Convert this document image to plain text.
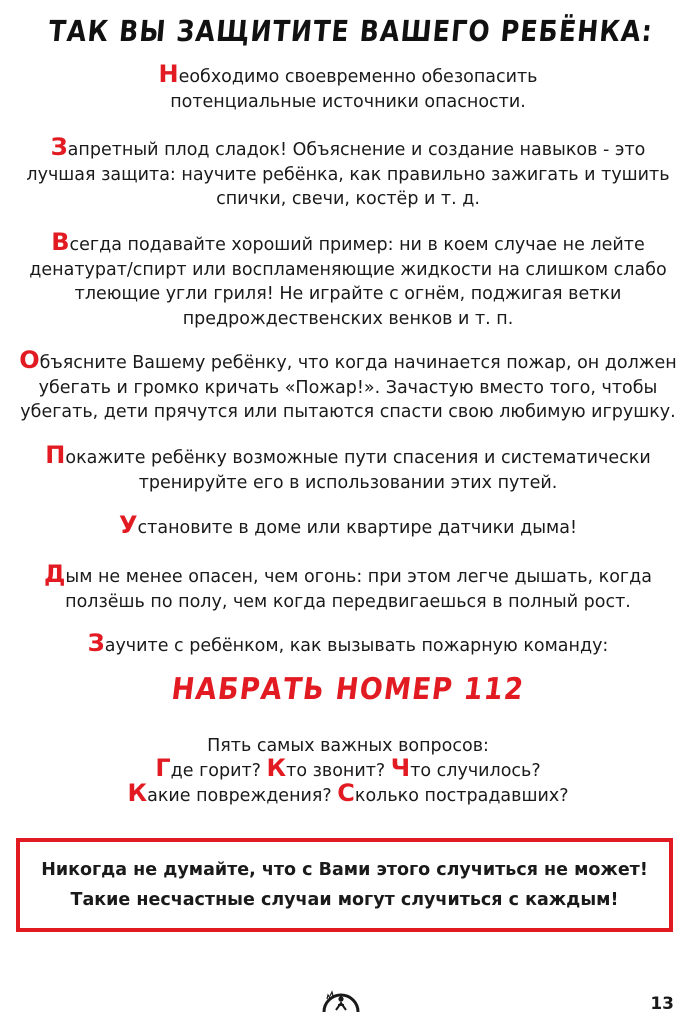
ТАК ВЫ ЗАЩИТИТЕ ВАШЕГО РЕБЁНКА:
Необходимо своевременно обезопасить
потенциальные источники опасности.
Запретный плод сладок! Объяснение и создание навыков - это
лучшая защита: научите ребёнка, как правильно зажигать и тушить
спички, свечи, костёр и т. д.
Всегда подавайте хороший пример: ни в коем случае не лейте
денатурат/спирт или воспламеняющие жидкости на слишком слабо
тлеющие угли гриля! Не играйте с огнём, поджигая ветки
предрождественских венков и т. п.
Объясните Вашему ребёнку, что когда начинается пожар, он должен
убегать и громко кричать «Пожар!». Зачастую вместо того, чтобы
убегать, дети прячутся или пытаются спасти свою любимую игрушку.
Покажите ребёнку возможные пути спасения и систематически
тренируйте его в использовании этих путей.
Установите в доме или квартире датчики дыма!
Дым не менее опасен, чем огонь: при этом легче дышать, когда
ползёшь по полу, чем когда передвигаешься в полный рост.
Заучите с ребёнком, как вызывать пожарную команду:
НАБРАТЬ НОМЕР 112
Пять самых важных вопросов:
Где горит? Кто звонит? Что случилось?
Какие повреждения? Сколько пострадавших?
Никогда не думайте, что с Вами этого случиться не может!
Такие несчастные случаи могут случиться с каждым!
13
